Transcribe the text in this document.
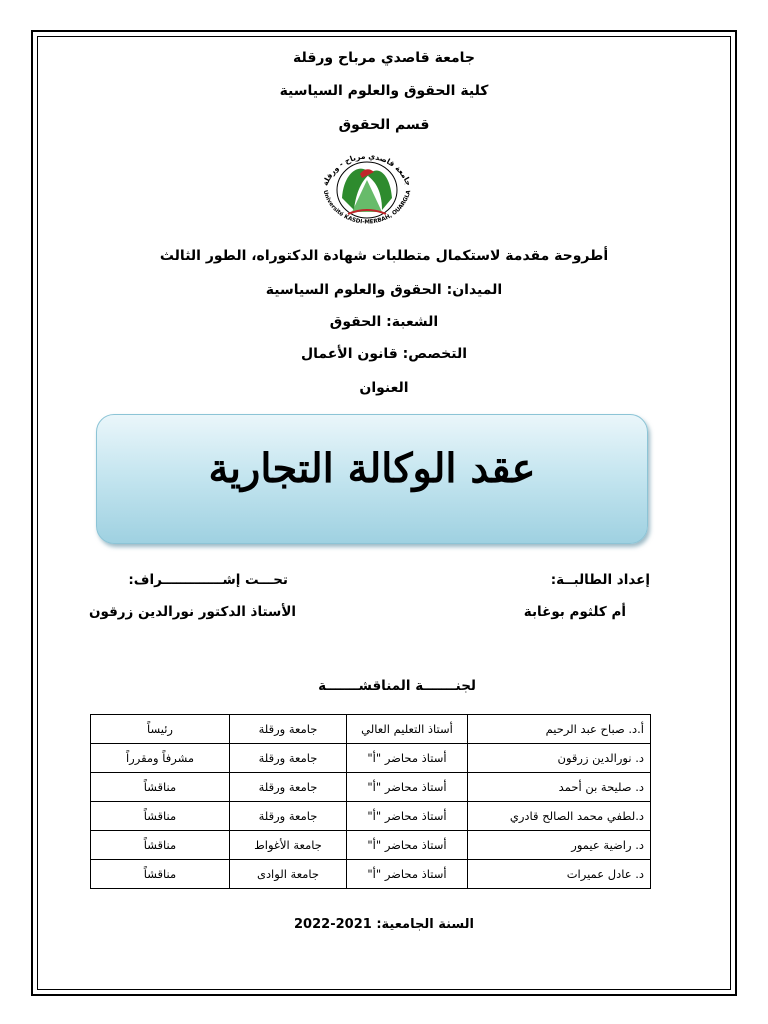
جامعة قاصدي مرباح ورقلة
كلية الحقوق والعلوم السياسية
قسم الحقوق
جامعة قاصدي مرباح - ورقلة
Université KASDI-MERBAH, OUARGLA
أطروحة مقدمة لاستكمال متطلبات شهادة الدكتوراه، الطور الثالث
الميدان: الحقوق والعلوم السياسية
الشعبة: الحقوق
التخصص: قانون الأعمال
العنوان
عقد الوكالة التجارية
إعداد الطالبــة:
أم كلثوم بوغابة
تحـــت إشـــــــــــــراف:
الأستاذ الدكتور نورالدين زرقون
لجنـــــــة المناقشـــــــة
أ.د. صباح عبد الرحيم	أستاذ التعليم العالي	جامعة ورقلة	رئيساً
د. نورالدين زرقون	أستاذ محاضر "أ"	جامعة ورقلة	مشرفاً ومقرراً
د. صليحة بن أحمد	أستاذ محاضر "أ"	جامعة ورقلة	مناقشاً
د.لطفي محمد الصالح قادري	أستاذ محاضر "أ"	جامعة ورقلة	مناقشاً
د. راضية عيمور	أستاذ محاضر "أ"	جامعة الأغواط	مناقشاً
د. عادل عميرات	أستاذ محاضر "أ"	جامعة الوادى	مناقشاً
السنة الجامعية: 2021-2022
